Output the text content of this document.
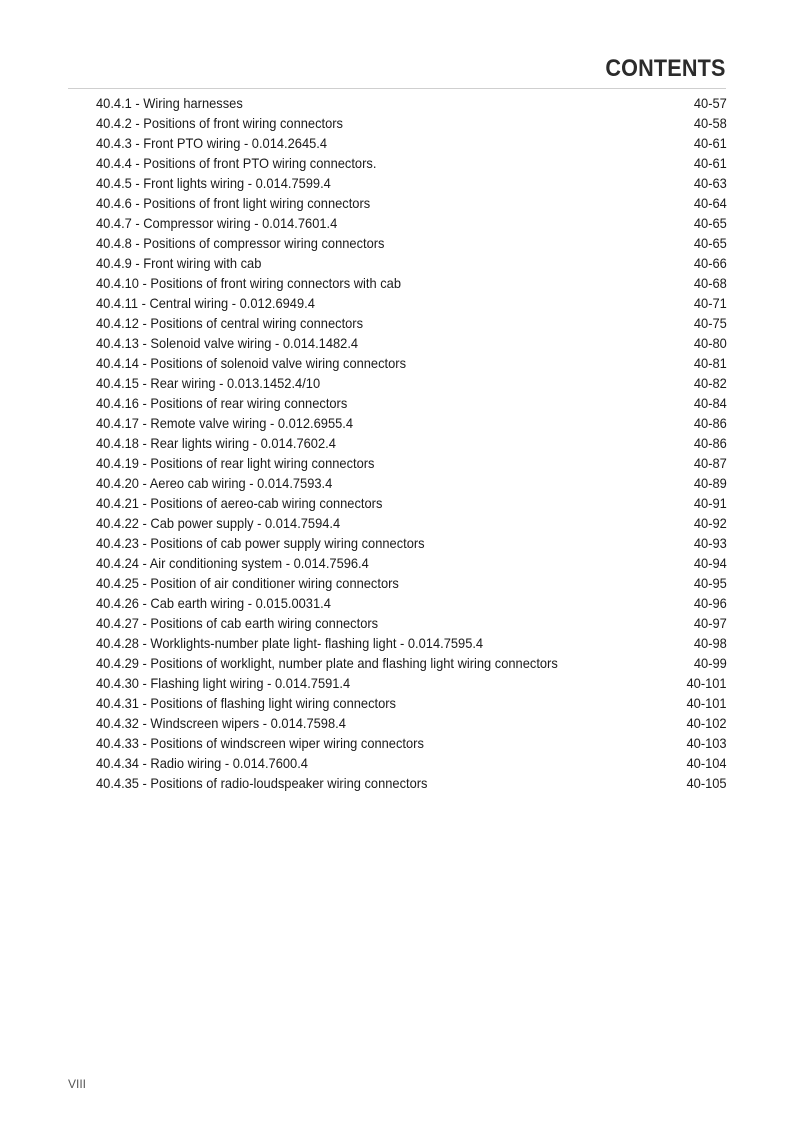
CONTENTS
40.4.1 - Wiring harnesses	40-57
40.4.2 - Positions of front wiring connectors	40-58
40.4.3 - Front PTO wiring - 0.014.2645.4	40-61
40.4.4 - Positions of front PTO wiring connectors.	40-61
40.4.5 - Front lights wiring - 0.014.7599.4	40-63
40.4.6 - Positions of front light wiring connectors	40-64
40.4.7 - Compressor wiring - 0.014.7601.4	40-65
40.4.8 - Positions of compressor wiring connectors	40-65
40.4.9 - Front wiring with cab	40-66
40.4.10 - Positions of front wiring connectors with cab	40-68
40.4.11 - Central wiring - 0.012.6949.4	40-71
40.4.12 - Positions of central wiring connectors	40-75
40.4.13 - Solenoid valve wiring - 0.014.1482.4	40-80
40.4.14 - Positions of solenoid valve wiring connectors	40-81
40.4.15 - Rear wiring - 0.013.1452.4/10	40-82
40.4.16 - Positions of rear wiring connectors	40-84
40.4.17 - Remote valve wiring - 0.012.6955.4	40-86
40.4.18 - Rear lights wiring - 0.014.7602.4	40-86
40.4.19 - Positions of rear light wiring connectors	40-87
40.4.20 - Aereo cab wiring - 0.014.7593.4	40-89
40.4.21 - Positions of aereo-cab wiring connectors	40-91
40.4.22 - Cab power supply - 0.014.7594.4	40-92
40.4.23 - Positions of cab power supply wiring connectors	40-93
40.4.24 - Air conditioning system - 0.014.7596.4	40-94
40.4.25 - Position of air conditioner wiring connectors	40-95
40.4.26 - Cab earth wiring - 0.015.0031.4	40-96
40.4.27 - Positions of cab earth wiring connectors	40-97
40.4.28 - Worklights-number plate light- flashing light - 0.014.7595.4	40-98
40.4.29 - Positions of worklight, number plate and flashing light wiring connectors	40-99
40.4.30 - Flashing light wiring - 0.014.7591.4	40-101
40.4.31 - Positions of flashing light wiring connectors	40-101
40.4.32 - Windscreen wipers - 0.014.7598.4	40-102
40.4.33 - Positions of windscreen wiper wiring connectors	40-103
40.4.34 - Radio wiring - 0.014.7600.4	40-104
40.4.35 - Positions of radio-loudspeaker wiring connectors	40-105
VIII
